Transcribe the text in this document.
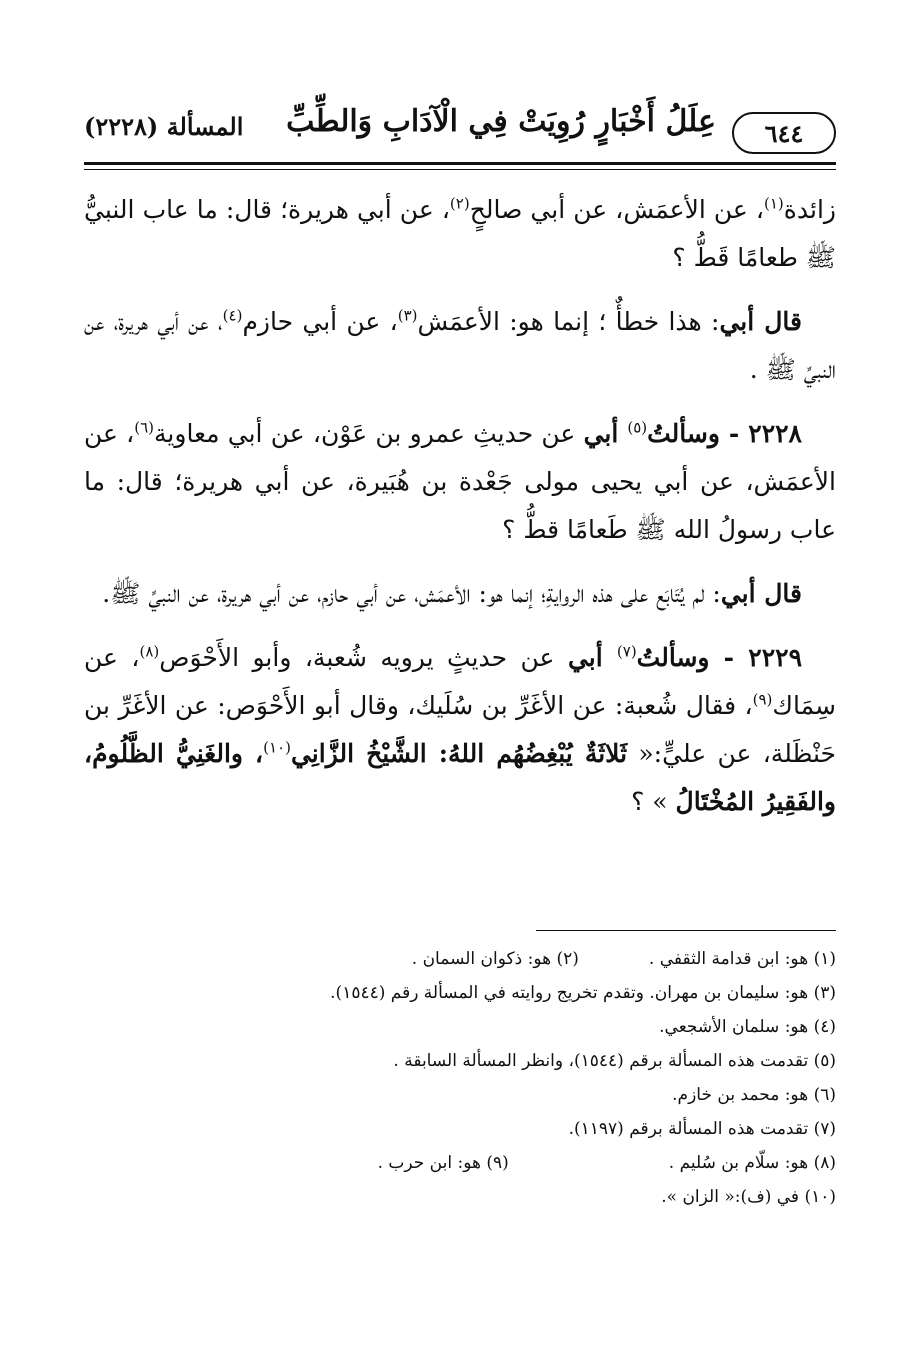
٦٤٤
عِلَلُ أَخْبَارٍ رُوِيَتْ فِي الْآدَابِ وَالطِّبِّ
المسألة (٢٢٢٨)

زائدة$^{(١)}$، عن الأعمَش، عن أبي صالحٍ$^{(٢)}$، عن أبي هريرة؛ قال: ما عاب النبيُّ ﷺ طعامًا قَطُّ ؟

قال أبي: هذا خطأٌ ؛ إنما هو: الأعمَش$^{(٣)}$، عن أبي حازم$^{(٤)}$، عن أبي هريرة، عن النبيِّ ﷺ .

٢٢٢٨ - وسألتُ$^{(٥)}$ أبي عن حديثِ عمرو بن عَوْن، عن أبي معاوية$^{(٦)}$، عن الأعمَش، عن أبي يحيى مولى جَعْدة بن هُبَيرة، عن أبي هريرة؛ قال: ما عاب رسولُ الله ﷺ طَعامًا قطُّ ؟

قال أبي: لم يُتَابَع على هذه الروايةِ؛ إنما هو: الأعمَش، عن أبي حازم، عن أبي هريرة، عن النبيِّ ﷺ.

٢٢٢٩ - وسألتُ$^{(٧)}$ أبي عن حديثٍ يرويه شُعبة، وأبو الأَحْوَص$^{(٨)}$، عن سِمَاك$^{(٩)}$، فقال شُعبة: عن الأغَرِّ بن سُلَيك، وقال أبو الأَحْوَص: عن الأغَرِّ بن حَنْظَلة، عن عليٍّ:« ثَلاثَةٌ يُبْغِضُهُم اللهُ: الشَّيْخُ الزَّانِي$^{(١٠)}$، والغَنِيُّ الظَّلُومُ، والفَقِيرُ المُخْتَالُ » ؟

(١) هو: ابن قدامة الثقفي .
(٢) هو: ذكوان السمان .
(٣) هو: سليمان بن مهران. وتقدم تخريج روايته في المسألة رقم (١٥٤٤).
(٤) هو: سلمان الأشجعي.
(٥) تقدمت هذه المسألة برقم (١٥٤٤)، وانظر المسألة السابقة .
(٦) هو: محمد بن خازم.
(٧) تقدمت هذه المسألة برقم (١١٩٧).
(٨) هو: سلّام بن سُليم .
(٩) هو: ابن حرب .
(١٠) في (ف):« الزان ».
